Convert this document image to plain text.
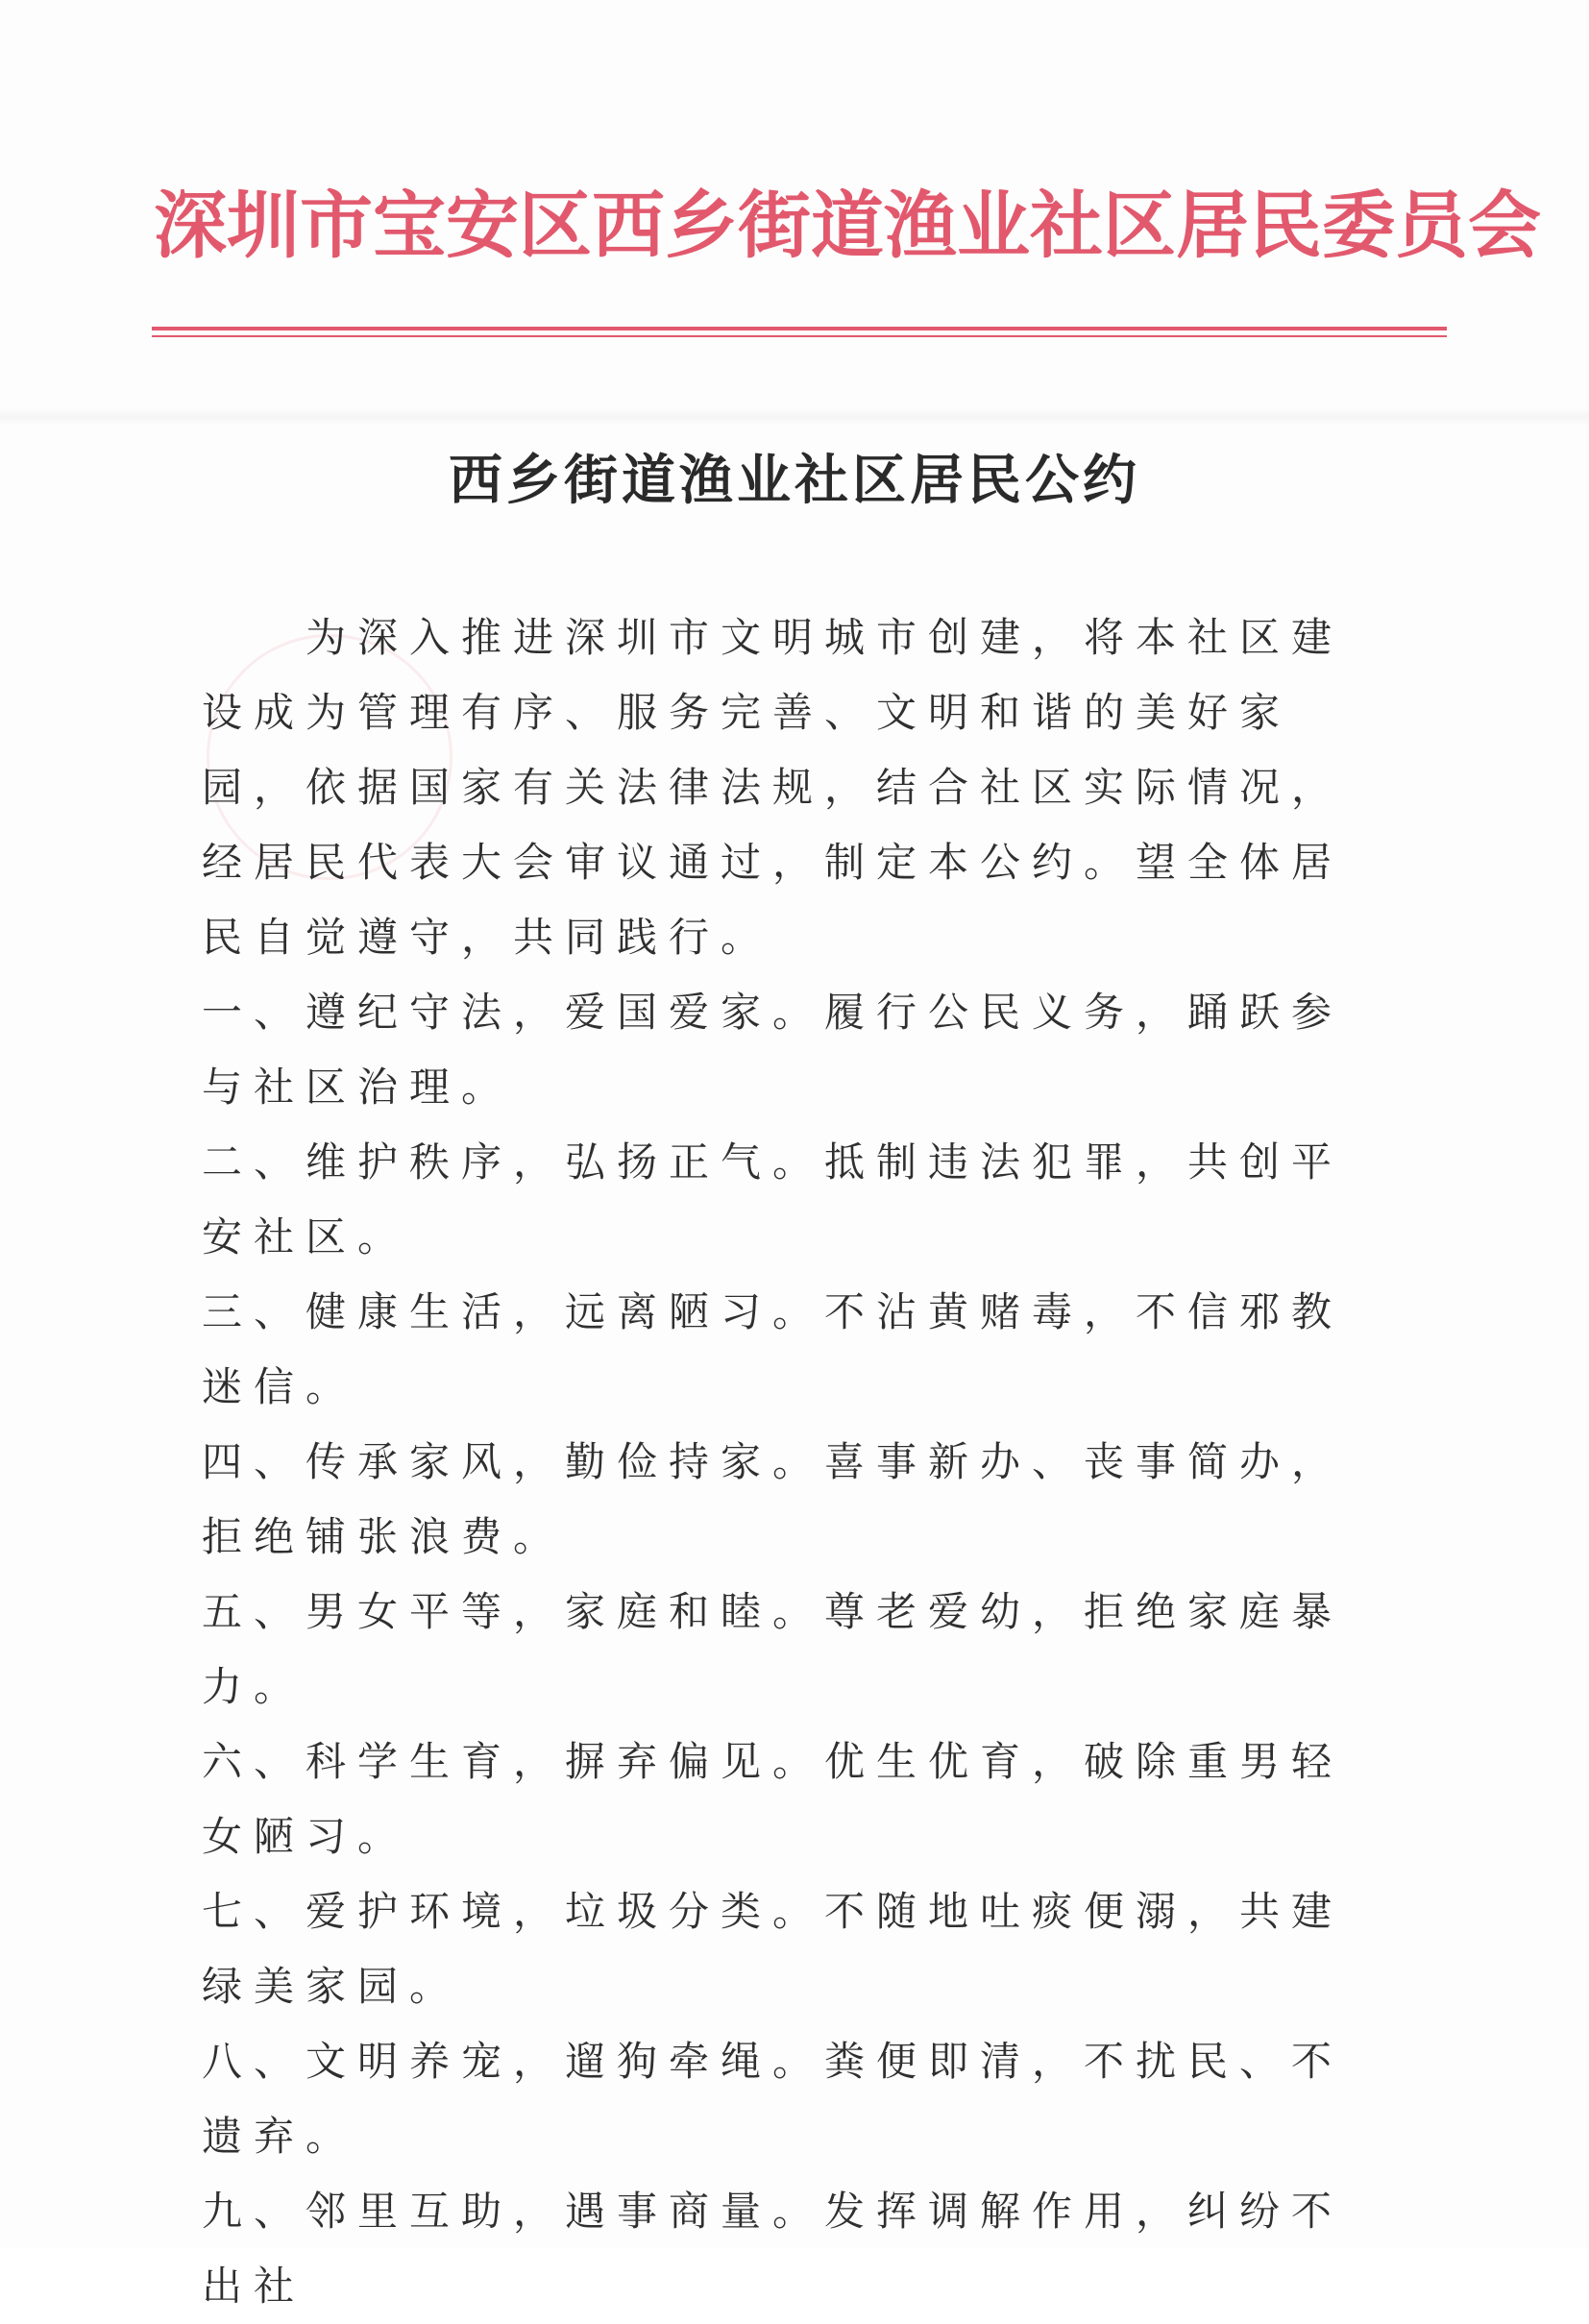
深圳市宝安区西乡街道渔业社区居民委员会
西乡街道渔业社区居民公约

为深入推进深圳市文明城市创建，将本社区建设成为管理有序、服务完善、文明和谐的美好家园，依据国家有关法律法规，结合社区实际情况，经居民代表大会审议通过，制定本公约。望全体居民自觉遵守，共同践行。

一、遵纪守法，爱国爱家。履行公民义务，踊跃参与社区治理。

二、维护秩序，弘扬正气。抵制违法犯罪，共创平安社区。

三、健康生活，远离陋习。不沾黄赌毒，不信邪教迷信。

四、传承家风，勤俭持家。喜事新办、丧事简办，拒绝铺张浪费。

五、男女平等，家庭和睦。尊老爱幼，拒绝家庭暴力。

六、科学生育，摒弃偏见。优生优育，破除重男轻女陋习。

七、爱护环境，垃圾分类。不随地吐痰便溺，共建绿美家园。

八、文明养宠，遛狗牵绳。粪便即清，不扰民、不遗弃。

九、邻里互助，遇事商量。发挥调解作用，纠纷不出社
